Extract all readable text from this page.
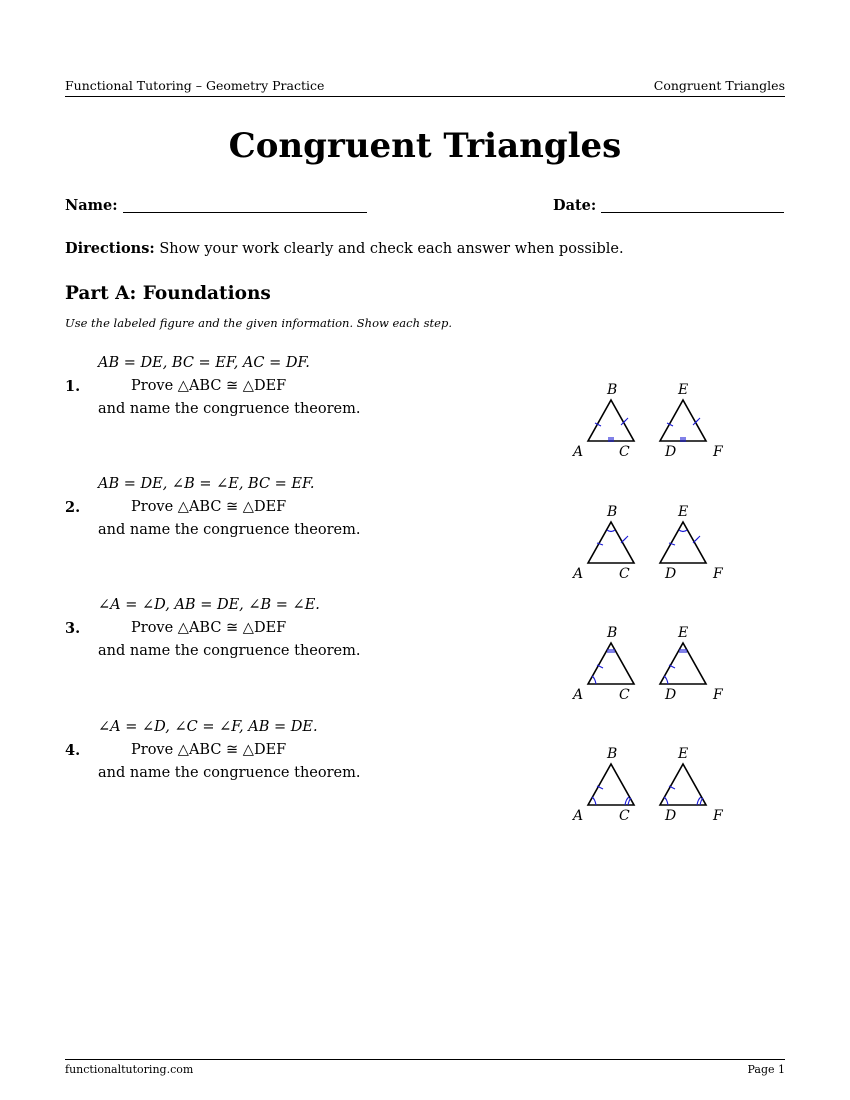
Functional Tutoring – Geometry Practice	Congruent Triangles
Congruent Triangles
Name:	Date:
Directions: Show your work clearly and check each answer when possible.
Part A: Foundations
Use the labeled figure and the given information. Show each step.
1.
AB = DE, BC = EF, AC = DF.
Prove △ABC ≅ △DEF
and name the congruence theorem.
A
B
C	D
E
F
2.
AB = DE, ∠B = ∠E, BC = EF.
Prove △ABC ≅ △DEF
and name the congruence theorem.
A
B
C	D
E
F
3.
∠A = ∠D, AB = DE, ∠B = ∠E.
Prove △ABC ≅ △DEF
and name the congruence theorem.
A
B
C	D
E
F
4.
∠A = ∠D, ∠C = ∠F, AB = DE.
Prove △ABC ≅ △DEF
and name the congruence theorem.
A
B
C	D
E
F
functionaltutoring.com	Page 1
